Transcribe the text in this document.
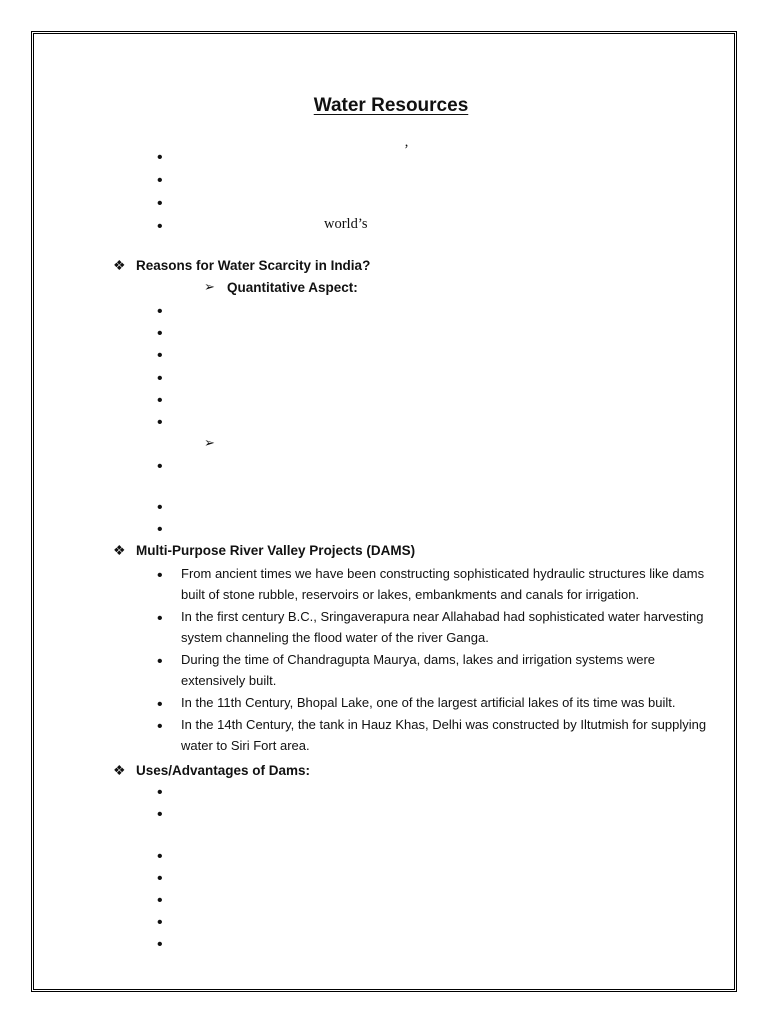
Water Resources
•
’
•
•
•
world’s
❖ Reasons for Water Scarcity in India?
➢ Quantitative Aspect:
•
•
•
•
•
•
➢
•
•
•
❖ Multi-Purpose River Valley Projects (DAMS)
•
From ancient times we have been constructing sophisticated hydraulic structures like dams built of stone rubble, reservoirs or lakes, embankments and canals for irrigation.
•
In the first century B.C., Sringaverapura near Allahabad had sophisticated water harvesting system channeling the flood water of the river Ganga.
•
During the time of Chandragupta Maurya, dams, lakes and irrigation systems were extensively built.
•
In the 11th Century, Bhopal Lake, one of the largest artificial lakes of its time was built.
•
In the 14th Century, the tank in Hauz Khas, Delhi was constructed by Iltutmish for supplying water to Siri Fort area.
❖ Uses/Advantages of Dams:
•
•
•
•
•
•
•
